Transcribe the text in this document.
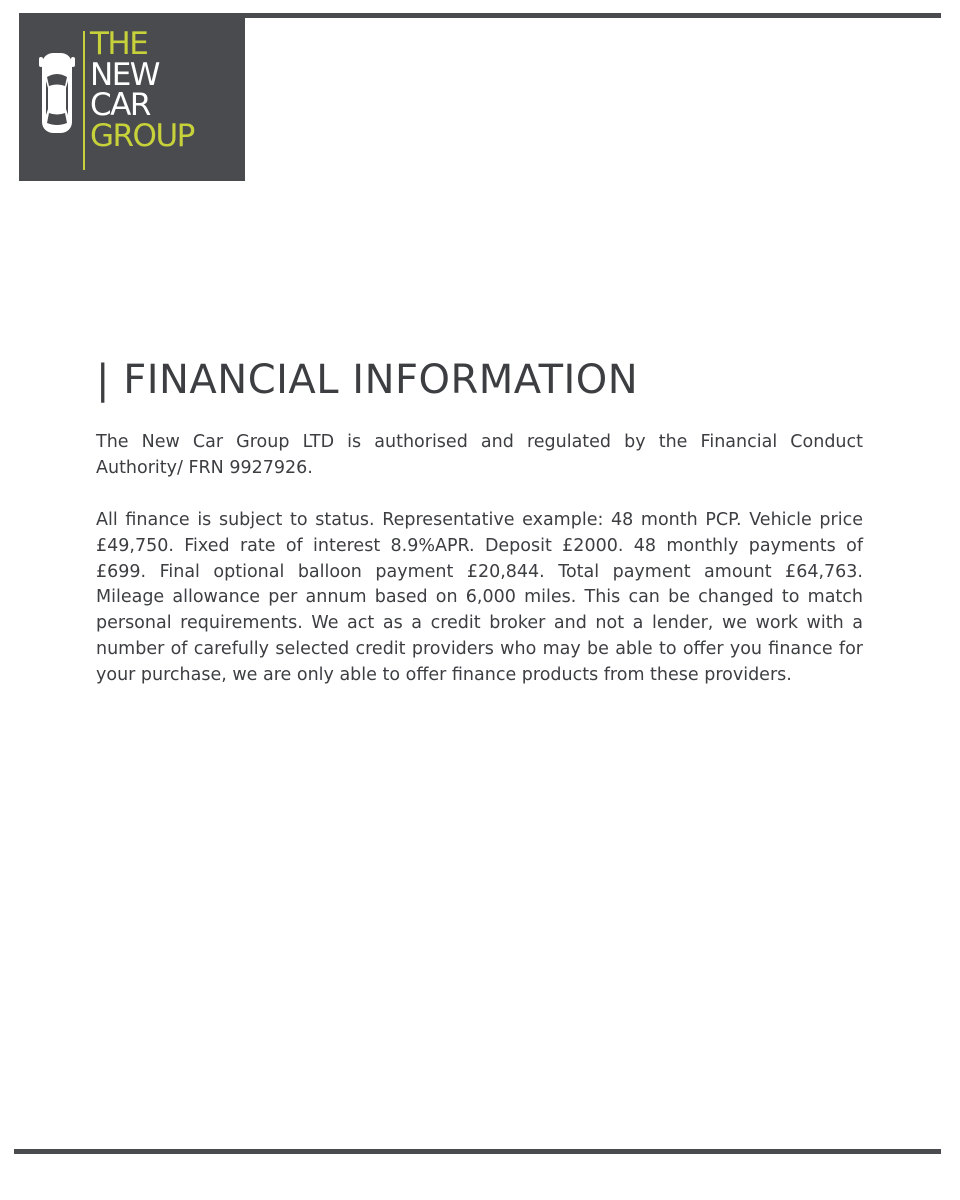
THE
NEW
CAR
GROUP
| FINANCIAL INFORMATION

The New Car Group LTD is authorised and regulated by the Financial Conduct Authority/ FRN 9927926.

All finance is subject to status. Representative example: 48 month PCP. Vehicle price £49,750. Fixed rate of interest 8.9%APR. Deposit £2000. 48 monthly payments of £699. Final optional balloon payment £20,844. Total payment amount £64,763. Mileage allowance per annum based on 6,000 miles. This can be changed to match personal requirements. We act as a credit broker and not a lender, we work with a number of carefully selected credit providers who may be able to offer you finance for your purchase, we are only able to offer finance products from these providers.
